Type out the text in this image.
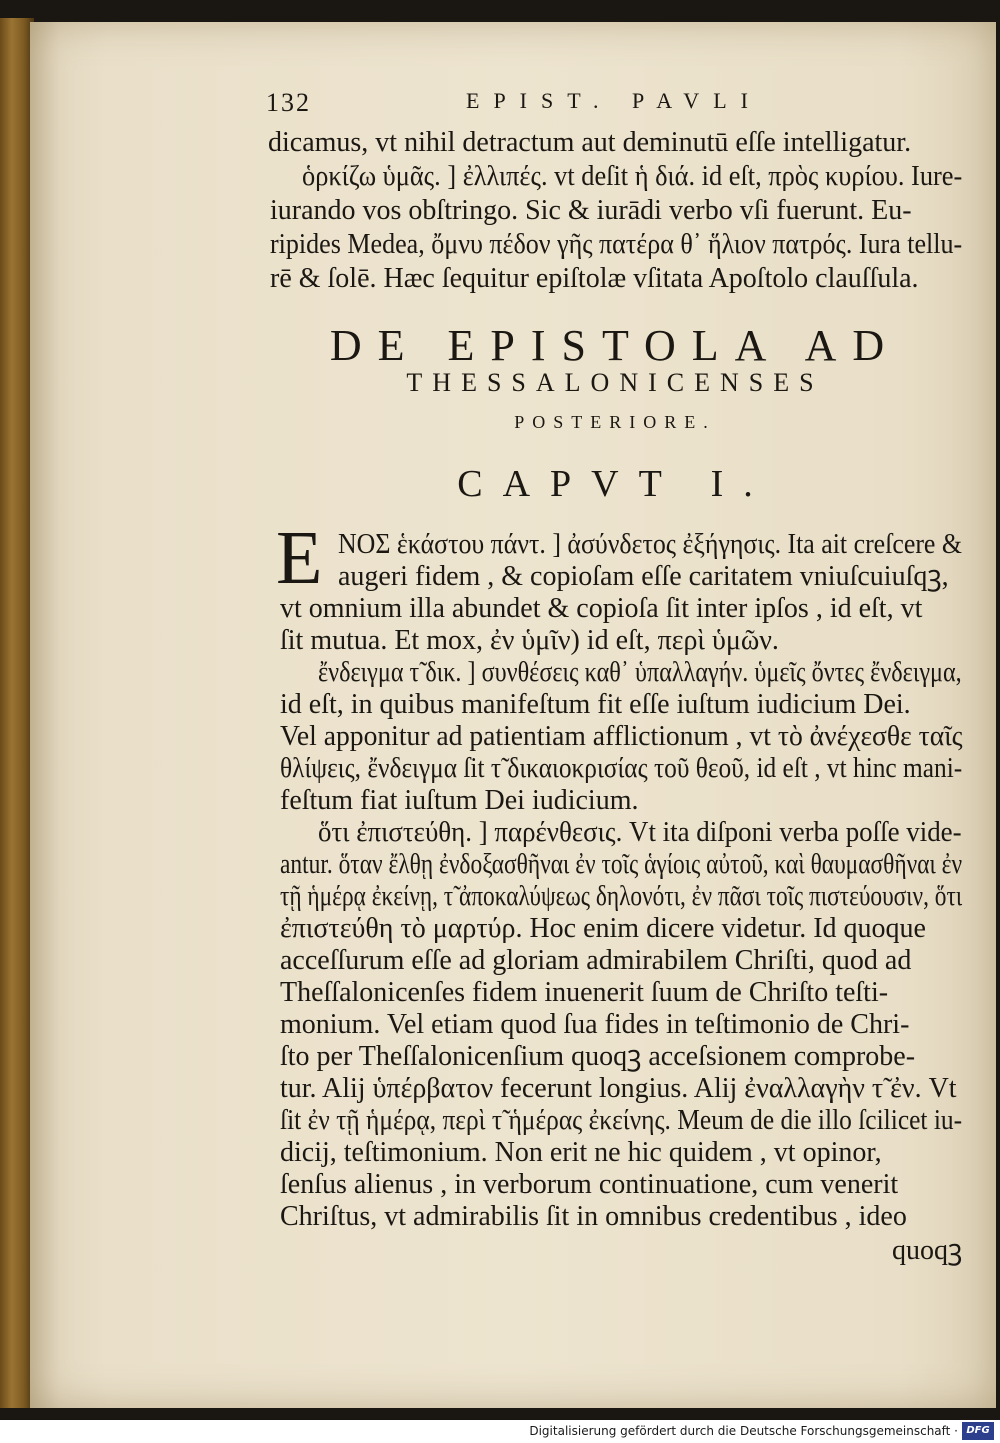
132	EPIST. PAVLI
dicamus, vt nihil detractum aut deminutū eſſe intelligatur.
ὁρκίζω ὑμᾶς. ] ἐλλιπές. vt deſit ἡ διά. id eſt, πρὸς κυρίου. Iure-
iurando vos obſtringo. Sic & iurādi verbo vſi fuerunt. Eu-
ripides Medea, ὄμνυ πέδον γῆς πατέρα θ᾽ ἥλιον πατρός. Iura tellu-
rē & ſolē. Hæc ſequitur epiſtolæ vſitata Apoſtolo clauſſula.
DE EPISTOLA AD
THESSALONICENSES
POSTERIORE.
CAPVT I.
E NOΣ ἑκάστου πάντ. ] ἀσύνδετος ἐξήγησις. Ita ait creſcere &
augeri fidem , & copioſam eſſe caritatem vniuſcuiuſqꝫ,
vt omnium illa abundet & copioſa ſit inter ipſos , id eſt, vt
ſit mutua. Et mox, ἐν ὑμῖν) id eſt, περὶ ὑμῶν.
ἔνδειγμα τ̃ δικ. ] συνθέσεις καθ᾽ ὑπαλλαγήν. ὑμεῖς ὄντες ἔνδειγμα,
id eſt, in quibus manifeſtum fit eſſe iuſtum iudicium Dei.
Vel apponitur ad patientiam afflictionum , vt τὸ ἀνέχεσθε ταῖς
θλίψεις, ἔνδειγμα ſit τ̃ δικαιοκρισίας τοῦ θεοῦ, id eſt , vt hinc mani-
feſtum fiat iuſtum Dei iudicium.
ὅτι ἐπιστεύθη. ] παρένθεσις. Vt ita diſponi verba poſſe vide-
antur. ὅταν ἔλθῃ ἐνδοξασθῆναι ἐν τοῖς ἁγίοις αὐτοῦ, καὶ θαυμασθῆναι ἐν
τῇ ἡμέρᾳ ἐκείνῃ, τ̃ ἀποκαλύψεως δηλονότι, ἐν πᾶσι τοῖς πιστεύουσιν, ὅτι
ἐπιστεύθη τὸ μαρτύρ. Hoc enim dicere videtur. Id quoque
acceſſurum eſſe ad gloriam admirabilem Chriſti, quod ad
Theſſalonicenſes fidem inuenerit ſuum de Chriſto teſti-
monium. Vel etiam quod ſua fides in teſtimonio de Chri-
ſto per Theſſalonicenſium quoqꝫ acceſsionem comprobe-
tur. Alij ὑπέρβατον fecerunt longius. Alij ἐναλλαγὴν τ̃ ἐν. Vt
ſit ἐν τῇ ἡμέρᾳ, περὶ τ̃ ἡμέρας ἐκείνης. Meum de die illo ſcilicet iu-
dicij, teſtimonium. Non erit ne hic quidem , vt opinor,
ſenſus alienus , in verborum continuatione, cum venerit
Chriſtus, vt admirabilis ſit in omnibus credentibus , ideo
quoqꝫ
Digitalisierung gefördert durch die Deutsche Forschungsgemeinschaft · DFG
